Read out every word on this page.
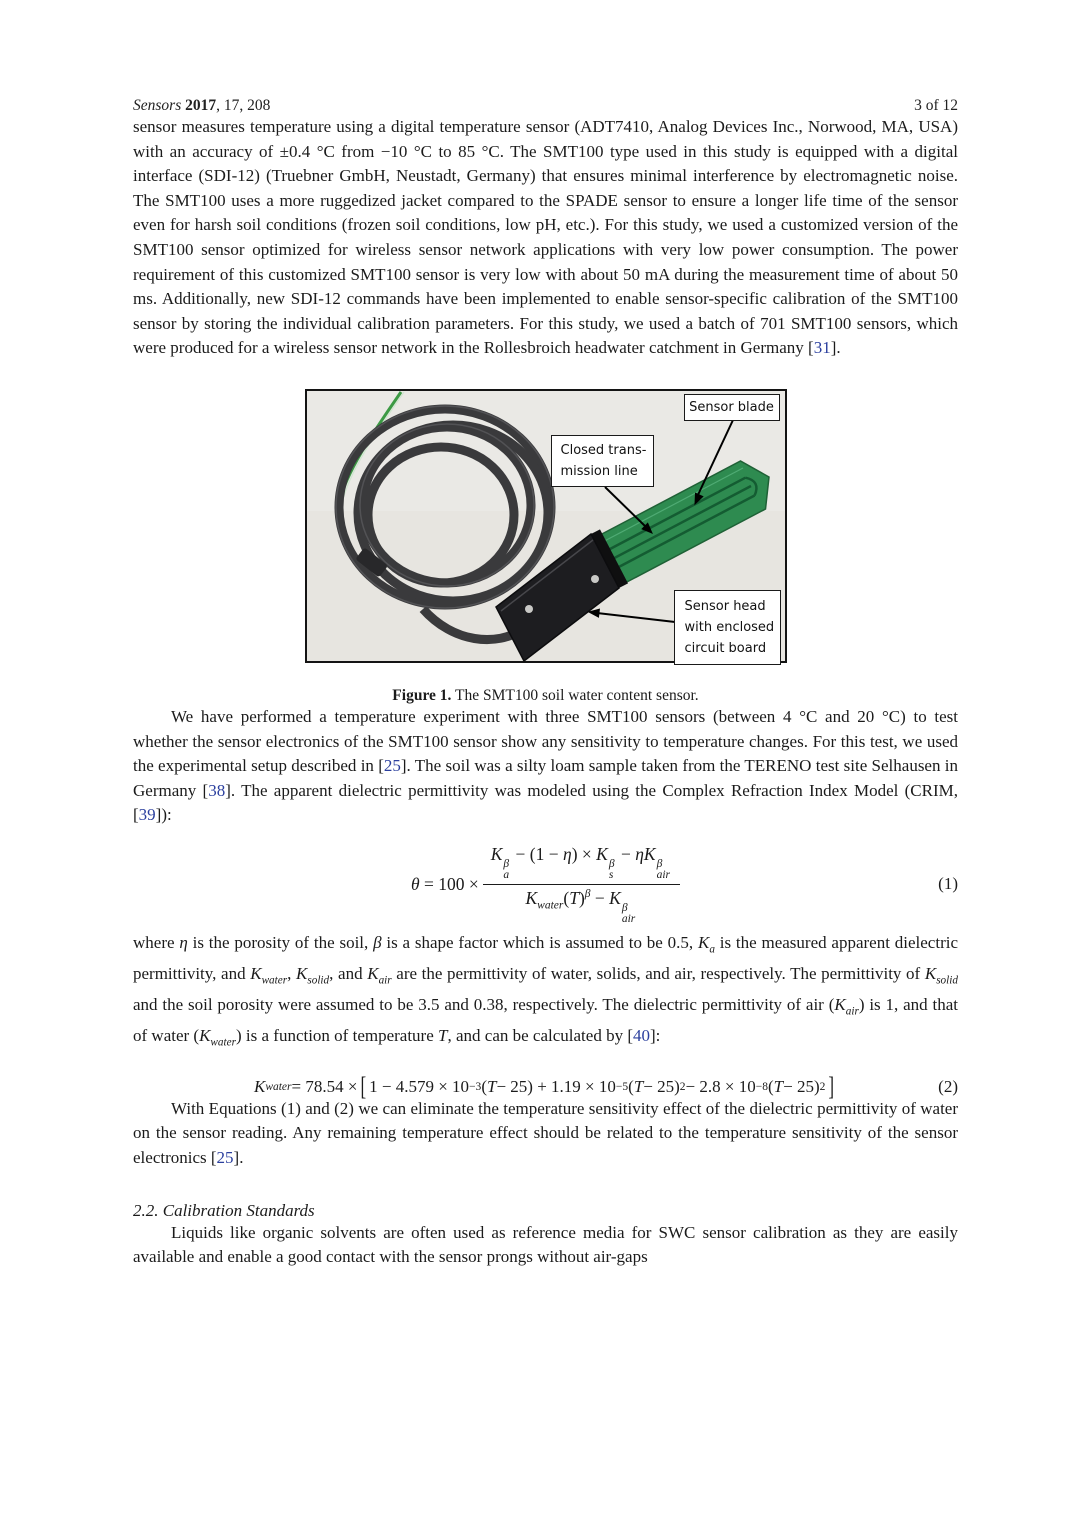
Sensors 2017, 17, 208	3 of 12

sensor measures temperature using a digital temperature sensor (ADT7410, Analog Devices Inc., Norwood, MA, USA) with an accuracy of ±0.4 °C from −10 °C to 85 °C. The SMT100 type used in this study is equipped with a digital interface (SDI-12) (Truebner GmbH, Neustadt, Germany) that ensures minimal interference by electromagnetic noise. The SMT100 uses a more ruggedized jacket compared to the SPADE sensor to ensure a longer life time of the sensor even for harsh soil conditions (frozen soil conditions, low pH, etc.). For this study, we used a customized version of the SMT100 sensor optimized for wireless sensor network applications with very low power consumption. The power requirement of this customized SMT100 sensor is very low with about 50 mA during the measurement time of about 50 ms. Additionally, new SDI-12 commands have been implemented to enable sensor-specific calibration of the SMT100 sensor by storing the individual calibration parameters. For this study, we used a batch of 701 SMT100 sensors, which were produced for a wireless sensor network in the Rollesbroich headwater catchment in Germany [31].

Sensor blade
Closed trans-
mission line
Sensor head
with enclosed
circuit board
Figure 1. The SMT100 soil water content sensor.

We have performed a temperature experiment with three SMT100 sensors (between 4 °C and 20 °C) to test whether the sensor electronics of the SMT100 sensor show any sensitivity to temperature changes. For this test, we used the experimental setup described in [25]. The soil was a silty loam sample taken from the TERENO test site Selhausen in Germany [38]. The apparent dielectric permittivity was modeled using the Complex Refraction Index Model (CRIM, [39]):

θ = 100 × K β
a
− (1 − η) × K β
s
− ηK β
air
$K_{water}(T)^\beta - K$ β
air	(1)

where η is the porosity of the soil, β is a shape factor which is assumed to be 0.5, $K_a$ is the measured apparent dielectric permittivity, and $K_{water}$, $K_{solid}$, and $K_{air}$ are the permittivity of water, solids, and air, respectively. The permittivity of $K_{solid}$ and the soil porosity were assumed to be 3.5 and 0.38, respectively. The dielectric permittivity of air $(K_{air})$ is 1, and that of water $(K_{water})$ is a function of temperature T, and can be calculated by [40]:

K water = 78.54 × [ 1 − 4.579 × 10 −3 ( T − 25) + 1.19 × 10 −5 ( T − 25) 2 − 2.8 × 10 −8 ( T − 25) 2 ]	(2)

With Equations (1) and (2) we can eliminate the temperature sensitivity effect of the dielectric permittivity of water on the sensor reading. Any remaining temperature effect should be related to the temperature sensitivity of the sensor electronics [25].

2.2. Calibration Standards

Liquids like organic solvents are often used as reference media for SWC sensor calibration as they are easily available and enable a good contact with the sensor prongs without air-gaps
